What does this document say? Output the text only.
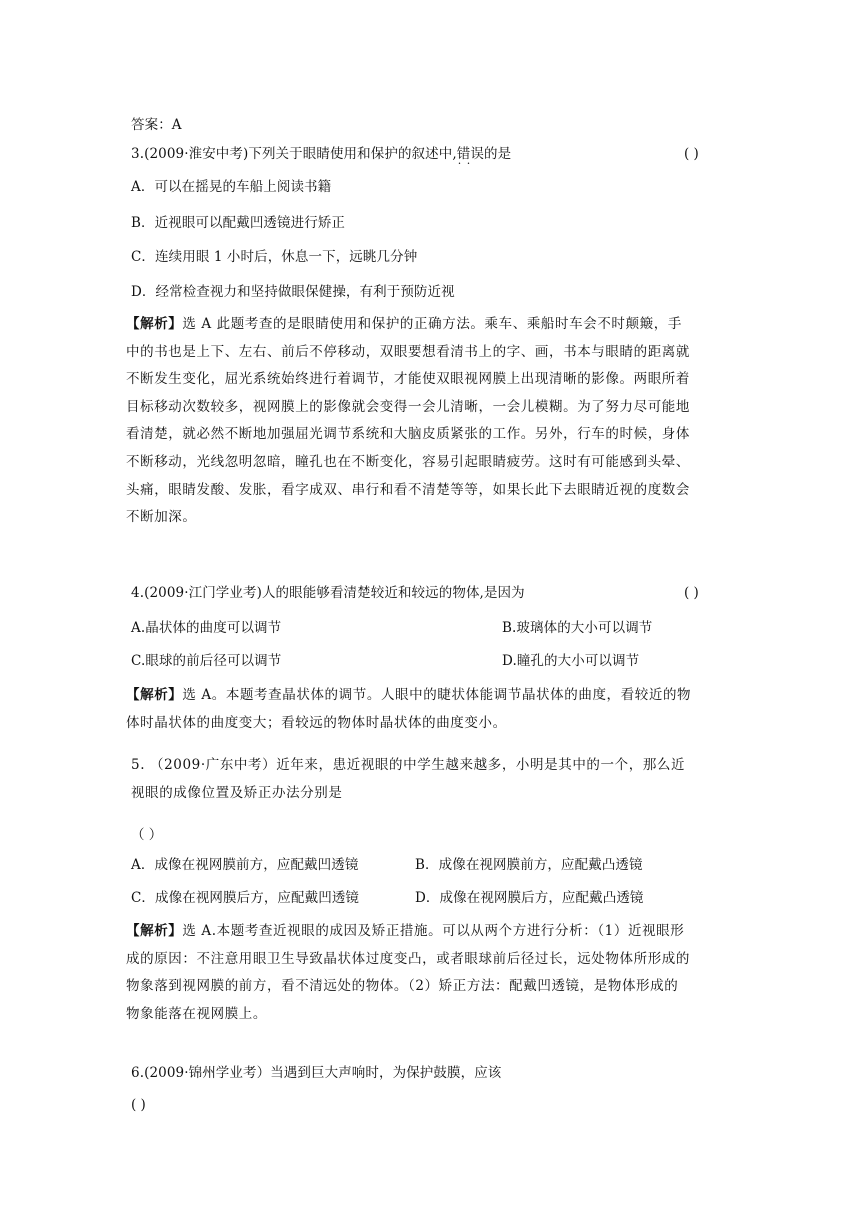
答案：A
3.(2009·淮安中考)下列关于眼睛使用和保护的叙述中,错误 · ·的是	( )
A．可以在摇晃的车船上阅读书籍
B．近视眼可以配戴凹透镜进行矫正
C．连续用眼 1 小时后，休息一下，远眺几分钟
D．经常检查视力和坚持做眼保健操，有利于预防近视
【解析】选 A 此题考查的是眼睛使用和保护的正确方法。乘车、乘船时车会不时颠簸，手
中的书也是上下、左右、前后不停移动，双眼要想看清书上的字、画，书本与眼睛的距离就
不断发生变化，屈光系统始终进行着调节，才能使双眼视网膜上出现清晰的影像。两眼所着
目标移动次数较多，视网膜上的影像就会变得一会儿清晰，一会儿模糊。为了努力尽可能地
看清楚，就必然不断地加强屈光调节系统和大脑皮质紧张的工作。另外，行车的时候，身体
不断移动，光线忽明忽暗，瞳孔也在不断变化，容易引起眼睛疲劳。这时有可能感到头晕、
头痛，眼睛发酸、发胀，看字成双、串行和看不清楚等等，如果长此下去眼睛近视的度数会
不断加深。
4.(2009·江门学业考)人的眼能够看清楚较近和较远的物体,是因为	( )
A.晶状体的曲度可以调节	B.玻璃体的大小可以调节
C.眼球的前后径可以调节	D.瞳孔的大小可以调节
【解析】选 A。本题考查晶状体的调节。人眼中的睫状体能调节晶状体的曲度，看较近的物
体时晶状体的曲度变大；看较远的物体时晶状体的曲度变小。
5. （2009·广东中考）近年来，患近视眼的中学生越来越多，小明是其中的一个，那么近
视眼的成像位置及矫正办法分别是
（ ）
A．成像在视网膜前方，应配戴凹透镜	B．成像在视网膜前方，应配戴凸透镜
C．成像在视网膜后方，应配戴凹透镜	D．成像在视网膜后方，应配戴凸透镜
【解析】选 A.本题考查近视眼的成因及矫正措施。可以从两个方进行分析：（1）近视眼形
成的原因：不注意用眼卫生导致晶状体过度变凸，或者眼球前后径过长，远处物体所形成的
物象落到视网膜的前方，看不清远处的物体。（2）矫正方法：配戴凹透镜，是物体形成的
物象能落在视网膜上。
6.(2009·锦州学业考）当遇到巨大声响时，为保护鼓膜，应该
( )
